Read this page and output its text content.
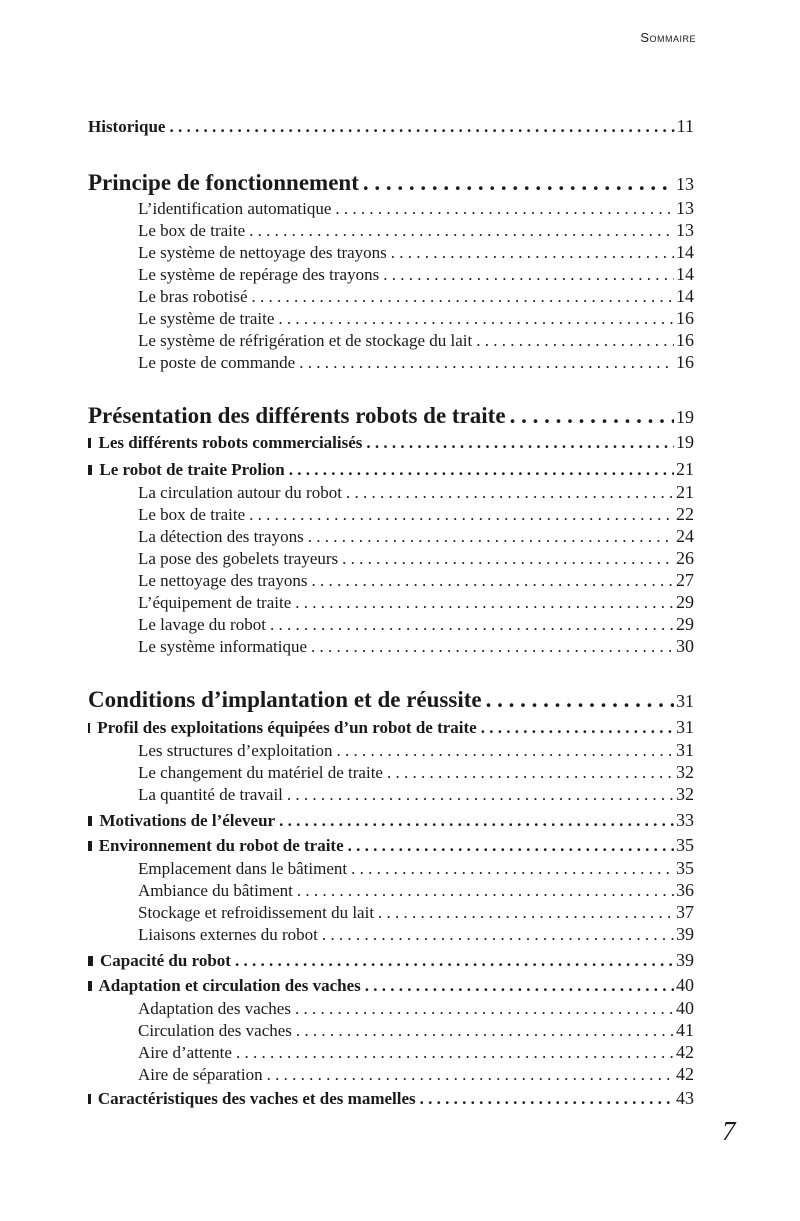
Sommaire
Historique . . .	11
Principe de fonctionnement . . .	13
L’identification automatique . . .	13
Le box de traite . . .	13
Le système de nettoyage des trayons . . .	14
Le système de repérage des trayons . . .	14
Le bras robotisé . . .	14
Le système de traite . . .	16
Le système de réfrigération et de stockage du lait . . .	16
Le poste de commande . . .	16
Présentation des différents robots de traite . . .	19
Les différents robots commercialisés . . .	19
Le robot de traite Prolion . . .	21
La circulation autour du robot . . .	21
Le box de traite . . .	22
La détection des trayons . . .	24
La pose des gobelets trayeurs . . .	26
Le nettoyage des trayons . . .	27
L’équipement de traite . . .	29
Le lavage du robot . . .	29
Le système informatique . . .	30
Conditions d’implantation et de réussite . . .	31
Profil des exploitations équipées d’un robot de traite . . .	31
Les structures d’exploitation . . .	31
Le changement du matériel de traite . . .	32
La quantité de travail . . .	32
Motivations de l’éleveur . . .	33
Environnement du robot de traite . . .	35
Emplacement dans le bâtiment . . .	35
Ambiance du bâtiment . . .	36
Stockage et refroidissement du lait . . .	37
Liaisons externes du robot . . .	39
Capacité du robot . . .	39
Adaptation et circulation des vaches . . .	40
Adaptation des vaches . . .	40
Circulation des vaches . . .	41
Aire d’attente . . .	42
Aire de séparation . . .	42
Caractéristiques des vaches et des mamelles . . .	43
7
